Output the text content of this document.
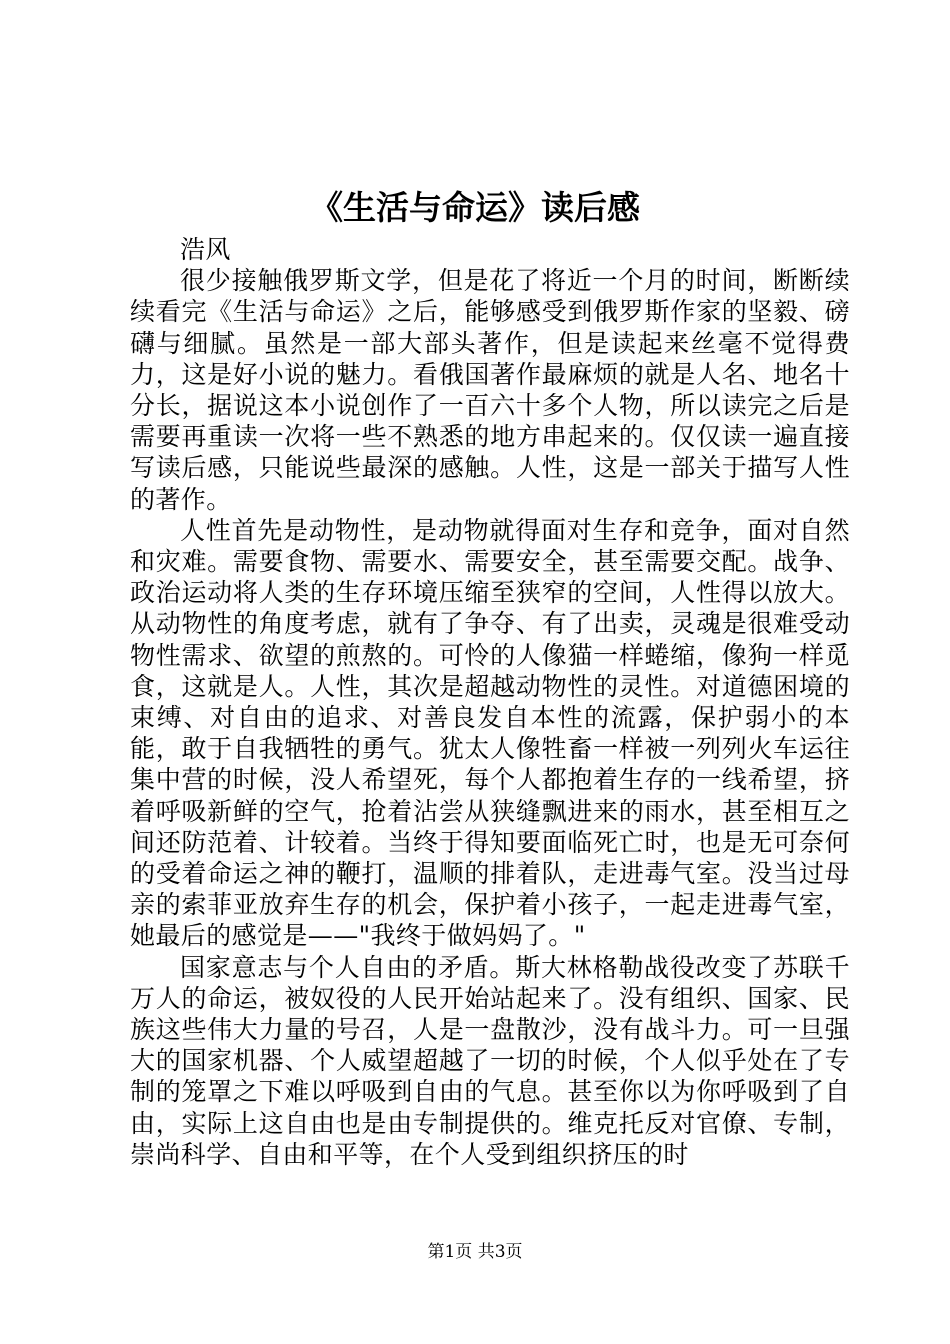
《生活与命运》读后感

浩风

很少接触俄罗斯文学，但是花了将近一个月的时间，断断续续看完《生活与命运》之后，能够感受到俄罗斯作家的坚毅、磅礴与细腻。虽然是一部大部头著作，但是读起来丝毫不觉得费力，这是好小说的魅力。看俄国著作最麻烦的就是人名、地名十分长，据说这本小说创作了一百六十多个人物，所以读完之后是需要再重读一次将一些不熟悉的地方串起来的。仅仅读一遍直接写读后感，只能说些最深的感触。人性，这是一部关于描写人性的著作。

人性首先是动物性，是动物就得面对生存和竞争，面对自然和灾难。需要食物、需要水、需要安全，甚至需要交配。战争、政治运动将人类的生存环境压缩至狭窄的空间，人性得以放大。从动物性的角度考虑，就有了争夺、有了出卖，灵魂是很难受动物性需求、欲望的煎熬的。可怜的人像猫一样蜷缩，像狗一样觅食，这就是人。人性，其次是超越动物性的灵性。对道德困境的束缚、对自由的追求、对善良发自本性的流露，保护弱小的本能，敢于自我牺牲的勇气。犹太人像牲畜一样被一列列火车运往集中营的时候，没人希望死，每个人都抱着生存的一线希望，挤着呼吸新鲜的空气，抢着沾尝从狭缝飘进来的雨水，甚至相互之间还防范着、计较着。当终于得知要面临死亡时，也是无可奈何的受着命运之神的鞭打，温顺的排着队，走进毒气室。没当过母亲的索菲亚放弃生存的机会，保护着小孩子，一起走进毒气室，她最后的感觉是——"我终于做妈妈了。"

国家意志与个人自由的矛盾。斯大林格勒战役改变了苏联千万人的命运，被奴役的人民开始站起来了。没有组织、国家、民族这些伟大力量的号召，人是一盘散沙，没有战斗力。可一旦强大的国家机器、个人威望超越了一切的时候，个人似乎处在了专制的笼罩之下难以呼吸到自由的气息。甚至你以为你呼吸到了自由，实际上这自由也是由专制提供的。维克托反对官僚、专制，崇尚科学、自由和平等，在个人受到组织挤压的时

第1页 共3页
